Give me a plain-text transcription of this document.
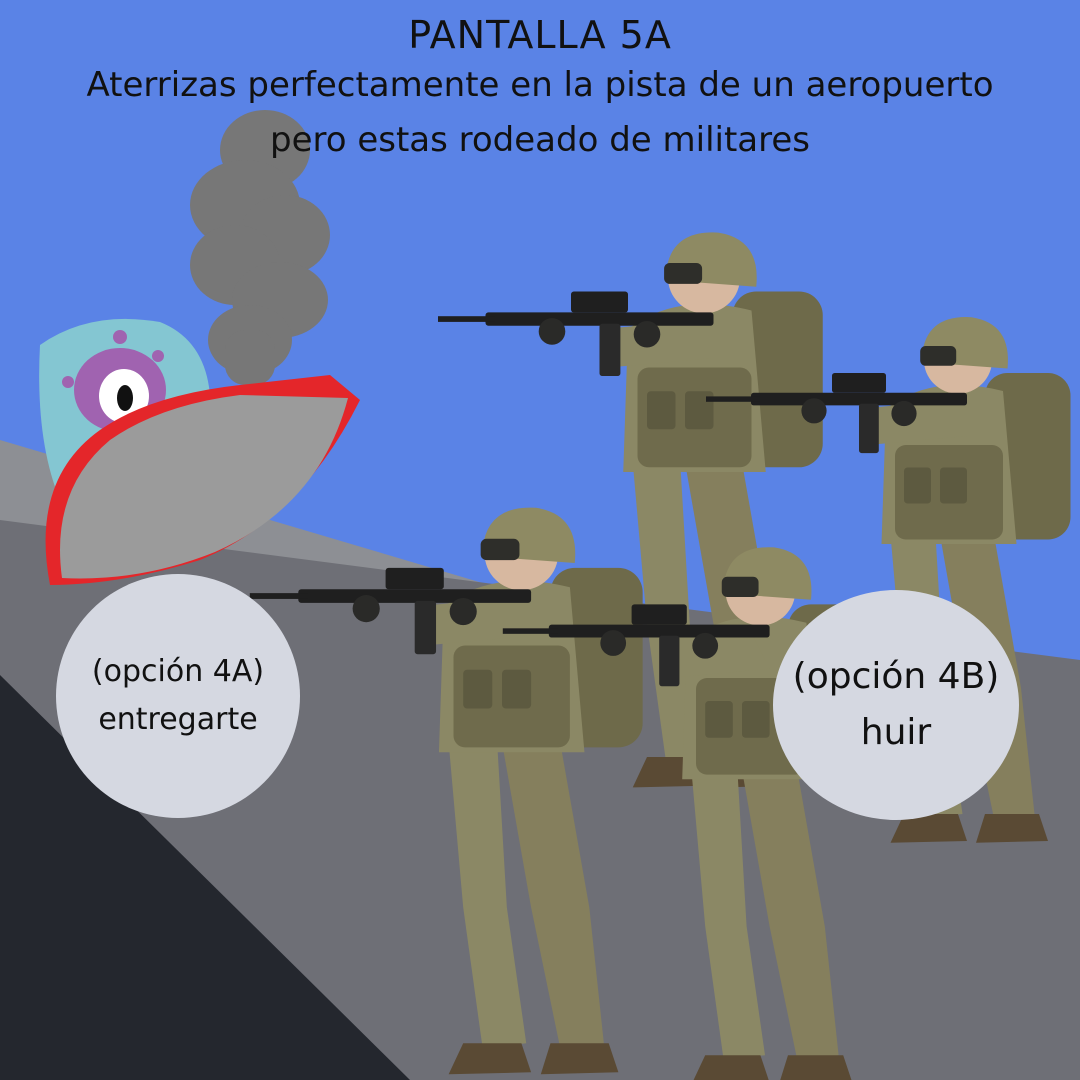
PANTALLA 5A
Aterrizas perfectamente en la pista de un aeropuerto
pero estas rodeado de militares
(opción 4A)
entregarte
(opción 4B)
huir
